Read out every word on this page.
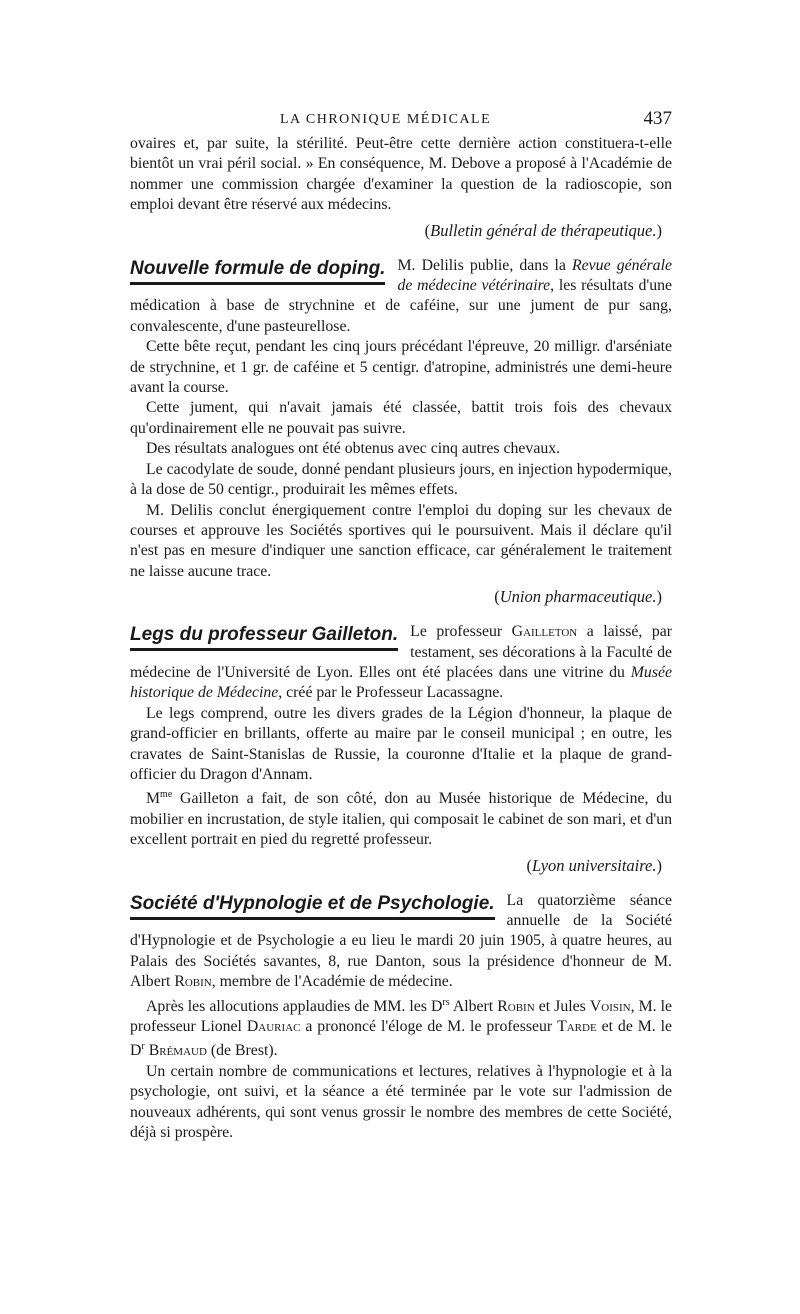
LA CHRONIQUE MÉDICALE	437

ovaires et, par suite, la stérilité. Peut-être cette dernière action constituera-t-elle bientôt un vrai péril social. » En conséquence, M. Debove a proposé à l'Académie de nommer une commission chargée d'examiner la question de la radioscopie, son emploi devant être réservé aux médecins.

(Bulletin général de thérapeutique.)
Nouvelle formule de doping. M. Delilis publie, dans la Revue générale de médecine vétérinaire, les résultats d'une médication à base de strychnine et de caféine, sur une jument de pur sang, convalescente, d'une pasteurellose.

Cette bête reçut, pendant les cinq jours précédant l'épreuve, 20 milligr. d'arséniate de strychnine, et 1 gr. de caféine et 5 centigr. d'atropine, administrés une demi-heure avant la course.

Cette jument, qui n'avait jamais été classée, battit trois fois des chevaux qu'ordinairement elle ne pouvait pas suivre.

Des résultats analogues ont été obtenus avec cinq autres chevaux.

Le cacodylate de soude, donné pendant plusieurs jours, en injection hypodermique, à la dose de 50 centigr., produirait les mêmes effets.

M. Delilis conclut énergiquement contre l'emploi du doping sur les chevaux de courses et approuve les Sociétés sportives qui le poursuivent. Mais il déclare qu'il n'est pas en mesure d'indiquer une sanction efficace, car généralement le traitement ne laisse aucune trace.

(Union pharmaceutique.)
Legs du professeur Gailleton. Le professeur Gailleton a laissé, par testament, ses décorations à la Faculté de médecine de l'Université de Lyon. Elles ont été placées dans une vitrine du Musée historique de Médecine, créé par le Professeur Lacassagne.

Le legs comprend, outre les divers grades de la Légion d'honneur, la plaque de grand-officier en brillants, offerte au maire par le conseil municipal ; en outre, les cravates de Saint-Stanislas de Russie, la couronne d'Italie et la plaque de grand-officier du Dragon d'Annam.

$M^{me}$ Gailleton a fait, de son côté, don au Musée historique de Médecine, du mobilier en incrustation, de style italien, qui composait le cabinet de son mari, et d'un excellent portrait en pied du regretté professeur.

(Lyon universitaire.)
Société d'Hypnologie et de Psychologie. La quatorzième séance annuelle de la Société d'Hypnologie et de Psychologie a eu lieu le mardi 20 juin 1905, à quatre heures, au Palais des Sociétés savantes, 8, rue Danton, sous la présidence d'honneur de M. Albert Robin, membre de l'Académie de médecine.

Après les allocutions applaudies de MM. les $D^{rs}$ Albert Robin et Jules Voisin, M. le professeur Lionel Dauriac a prononcé l'éloge de M. le professeur Tarde et de M. le $D^r$ Brémaud (de Brest).

Un certain nombre de communications et lectures, relatives à l'hypnologie et à la psychologie, ont suivi, et la séance a été terminée par le vote sur l'admission de nouveaux adhérents, qui sont venus grossir le nombre des membres de cette Société, déjà si prospère.
